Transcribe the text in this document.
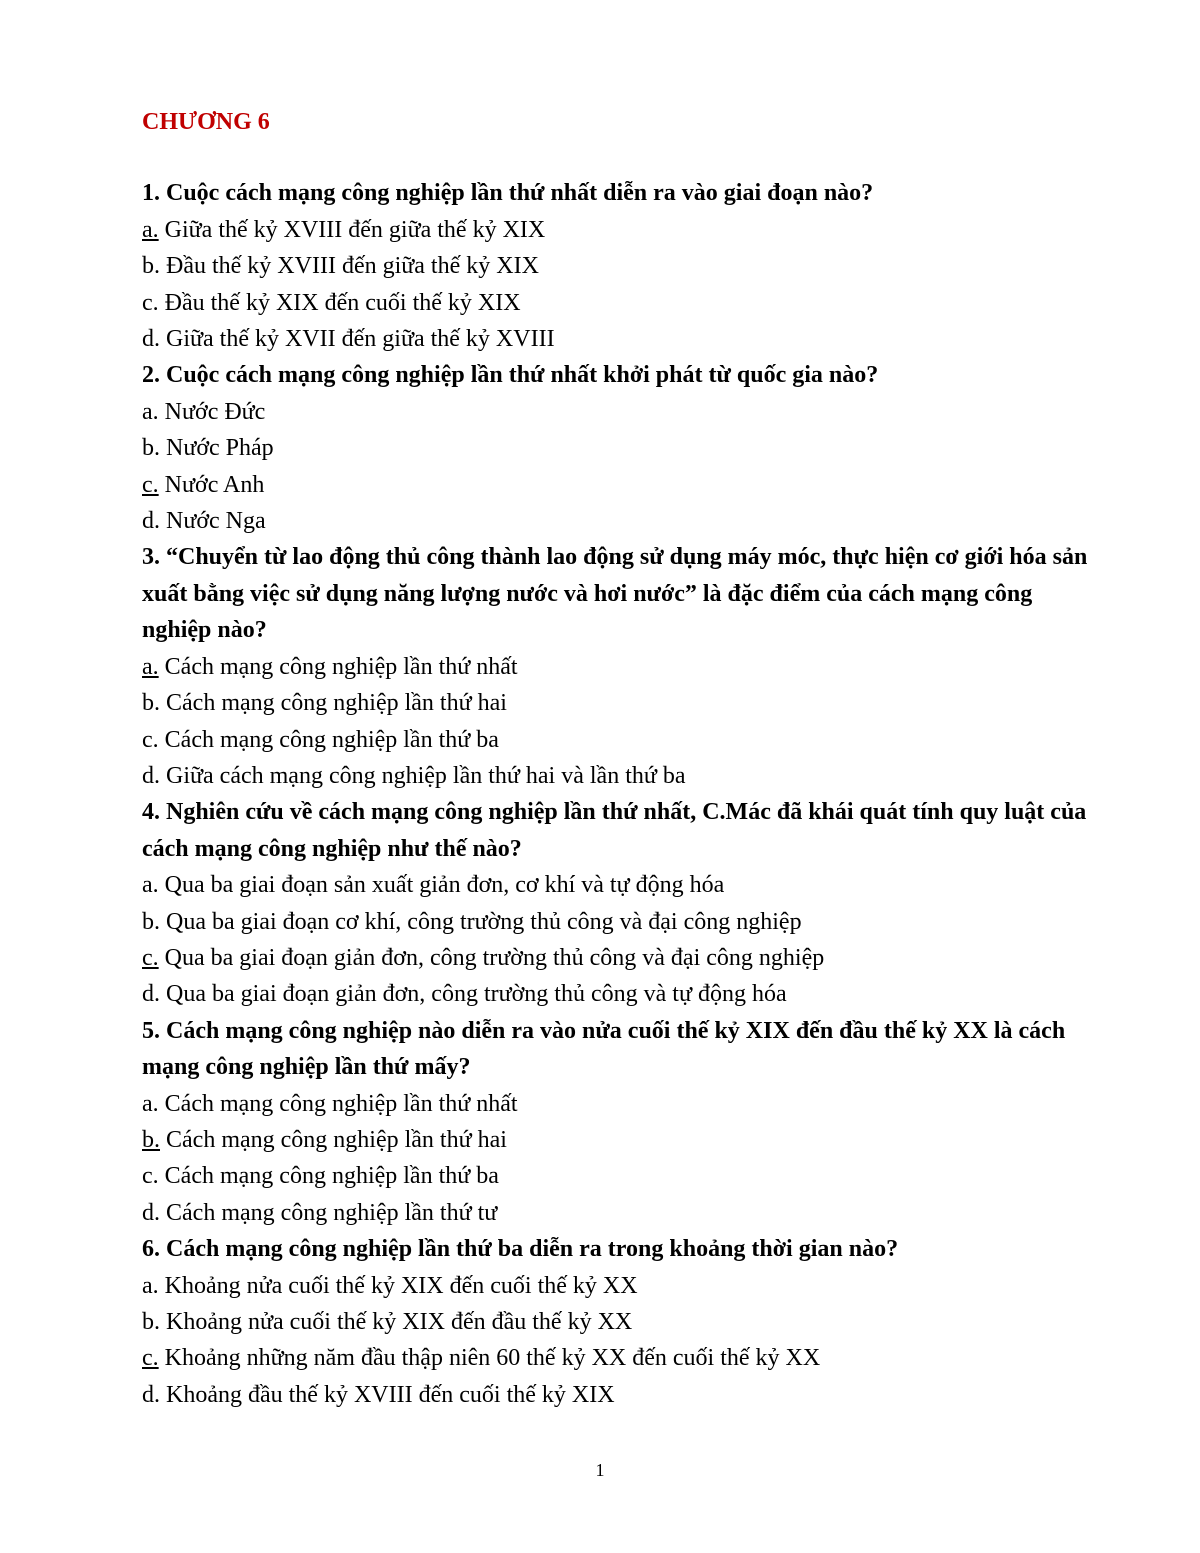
CHƯƠNG 6

1. Cuộc cách mạng công nghiệp lần thứ nhất diễn ra vào giai đoạn nào?

a. Giữa thế kỷ XVIII đến giữa thế kỷ XIX

b. Đầu thế kỷ XVIII đến giữa thế kỷ XIX

c. Đầu thế kỷ XIX đến cuối thế kỷ XIX

d. Giữa thế kỷ XVII đến giữa thế kỷ XVIII

2. Cuộc cách mạng công nghiệp lần thứ nhất khởi phát từ quốc gia nào?

a. Nước Đức

b. Nước Pháp

c. Nước Anh

d. Nước Nga

3. “Chuyển từ lao động thủ công thành lao động sử dụng máy móc, thực hiện cơ giới hóa sản xuất bằng việc sử dụng năng lượng nước và hơi nước” là đặc điểm của cách mạng công nghiệp nào?

a. Cách mạng công nghiệp lần thứ nhất

b. Cách mạng công nghiệp lần thứ hai

c. Cách mạng công nghiệp lần thứ ba

d. Giữa cách mạng công nghiệp lần thứ hai và lần thứ ba

4. Nghiên cứu về cách mạng công nghiệp lần thứ nhất, C.Mác đã khái quát tính quy luật của cách mạng công nghiệp như thế nào?

a. Qua ba giai đoạn sản xuất giản đơn, cơ khí và tự động hóa

b. Qua ba giai đoạn cơ khí, công trường thủ công và đại công nghiệp

c. Qua ba giai đoạn giản đơn, công trường thủ công và đại công nghiệp

d. Qua ba giai đoạn giản đơn, công trường thủ công và tự động hóa

5. Cách mạng công nghiệp nào diễn ra vào nửa cuối thế kỷ XIX đến đầu thế kỷ XX là cách mạng công nghiệp lần thứ mấy?

a. Cách mạng công nghiệp lần thứ nhất

b. Cách mạng công nghiệp lần thứ hai

c. Cách mạng công nghiệp lần thứ ba

d. Cách mạng công nghiệp lần thứ tư

6. Cách mạng công nghiệp lần thứ ba diễn ra trong khoảng thời gian nào?

a. Khoảng nửa cuối thế kỷ XIX đến cuối thế kỷ XX

b. Khoảng nửa cuối thế kỷ XIX đến đầu thế kỷ XX

c. Khoảng những năm đầu thập niên 60 thế kỷ XX đến cuối thế kỷ XX

d. Khoảng đầu thế kỷ XVIII đến cuối thế kỷ XIX

1
